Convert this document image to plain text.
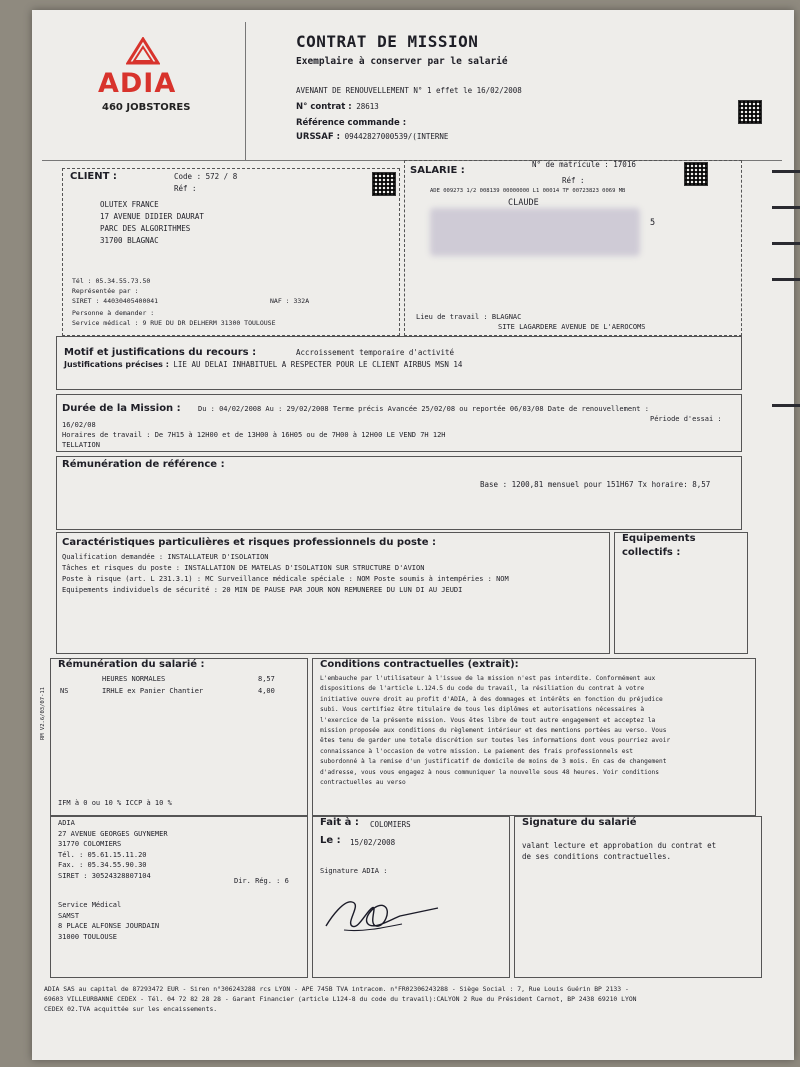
ADIA
460 JOBSTORES
CONTRAT DE MISSION
Exemplaire à conserver par le salarié
AVENANT DE RENOUVELLEMENT N° 1 effet le 16/02/2008
N° contrat : 28613
Référence commande :
URSSAF : 09442827000539/(INTERNE
CLIENT :	Code : 572 / 8
Réf :
OLUTEX FRANCE
17 AVENUE DIDIER DAURAT
PARC DES ALGORITHMES
31700 BLAGNAC
Tél : 05.34.55.73.50
Représentée par :
SIRET : 44030405400041	NAF : 332A
Personne à demander :
Service médical : 9 RUE DU DR DELHERM 31300 TOULOUSE
SALARIE :
N° de matricule : 17016
Réf :
ADE 009273 1/2 008139 00000000 L1 00014 TF 00723823 0069 MB
CLAUDE
5
Lieu de travail : BLAGNAC
SITE LAGARDERE AVENUE DE L'AEROCOMS
Motif et justifications du recours :	Accroissement temporaire d'activité
Justifications précises : LIE AU DELAI INHABITUEL A RESPECTER POUR LE CLIENT AIRBUS MSN 14
Durée de la Mission : Du : 04/02/2008 Au : 29/02/2008 Terme précis Avancée 25/02/08 ou reportée 06/03/08 Date de renouvellement :
Période d'essai :
16/02/08
Horaires de travail : De 7H15 à 12H00 et de 13H00 à 16H05 ou de 7H00 à 12H00 LE VEND 7H 12H
TELLATION
Rémunération de référence :
Base : 1200,81 mensuel pour 151H67 Tx horaire: 8,57
Caractéristiques particulières et risques professionnels du poste :
Qualification demandée : INSTALLATEUR D'ISOLATION
Tâches et risques du poste : INSTALLATION DE MATELAS D'ISOLATION SUR STRUCTURE D'AVION
Poste à risque (art. L 231.3.1) : MC Surveillance médicale spéciale : NOM Poste soumis à intempéries : NOM
Equipements individuels de sécurité : 20 MIN DE PAUSE PAR JOUR NON REMUNEREE DU LUN DI AU JEUDI
Equipements
collectifs :
Rémunération du salarié :
HEURES NORMALES	8,57
NS	IRHLE ex Panier Chantier	4,00
IFM à 0 ou 10 % ICCP à 10 %
RM V2.6/03/07-11
Conditions contractuelles (extrait):
L'embauche par l'utilisateur à l'issue de la mission n'est pas interdite. Conformément aux
dispositions de l'article L.124.5 du code du travail, la résiliation du contrat à votre
initiative ouvre droit au profit d'ADIA, à des dommages et intérêts en fonction du préjudice
subi. Vous certifiez être titulaire de tous les diplômes et autorisations nécessaires à
l'exercice de la présente mission. Vous êtes libre de tout autre engagement et acceptez la
mission proposée aux conditions du règlement intérieur et des mentions portées au verso. Vous
êtes tenu de garder une totale discrétion sur toutes les informations dont vous pourriez avoir
connaissance à l'occasion de votre mission. Le paiement des frais professionnels est
subordonné à la remise d'un justificatif de domicile de moins de 3 mois. En cas de changement
d'adresse, vous vous engagez à nous communiquer la nouvelle sous 48 heures. Voir conditions
contractuelles au verso
ADIA
27 AVENUE GEORGES GUYNEMER
31770 COLOMIERS
Tél. : 05.61.15.11.20
Fax. : 05.34.55.90.30
SIRET : 30524328807104
Dir. Rég. : 6
Service Médical
SAMST
8 PLACE ALFONSE JOURDAIN
31000 TOULOUSE
Fait à : COLOMIERS
Le : 15/02/2008
Signature ADIA :
Signature du salarié
valant lecture et approbation du contrat et
de ses conditions contractuelles.
ADIA SAS au capital de 87293472 EUR - Siren n°306243288 rcs LYON - APE 745B TVA intracom. n°FR02306243288 - Siège Social : 7, Rue Louis Guérin BP 2133 -
69603 VILLEURBANNE CEDEX - Tél. 04 72 82 28 28 - Garant Financier (article L124-8 du code du travail):CALYON 2 Rue du Président Carnot, BP 2438 69210 LYON
CEDEX 02.TVA acquittée sur les encaissements.
